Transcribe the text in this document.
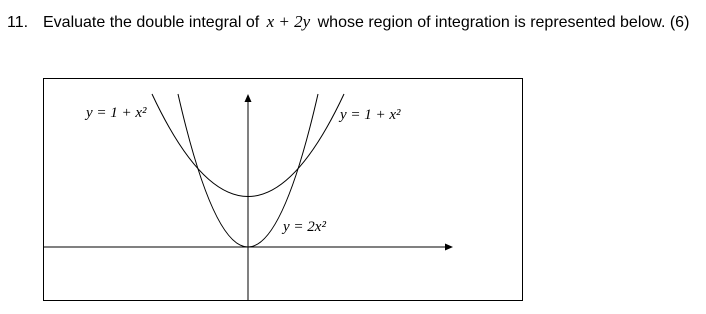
11. Evaluate the double integral of x + 2y whose region of integration is represented below. (6)
y = 1 + x²	y = 1 + x²
y = 2x²
